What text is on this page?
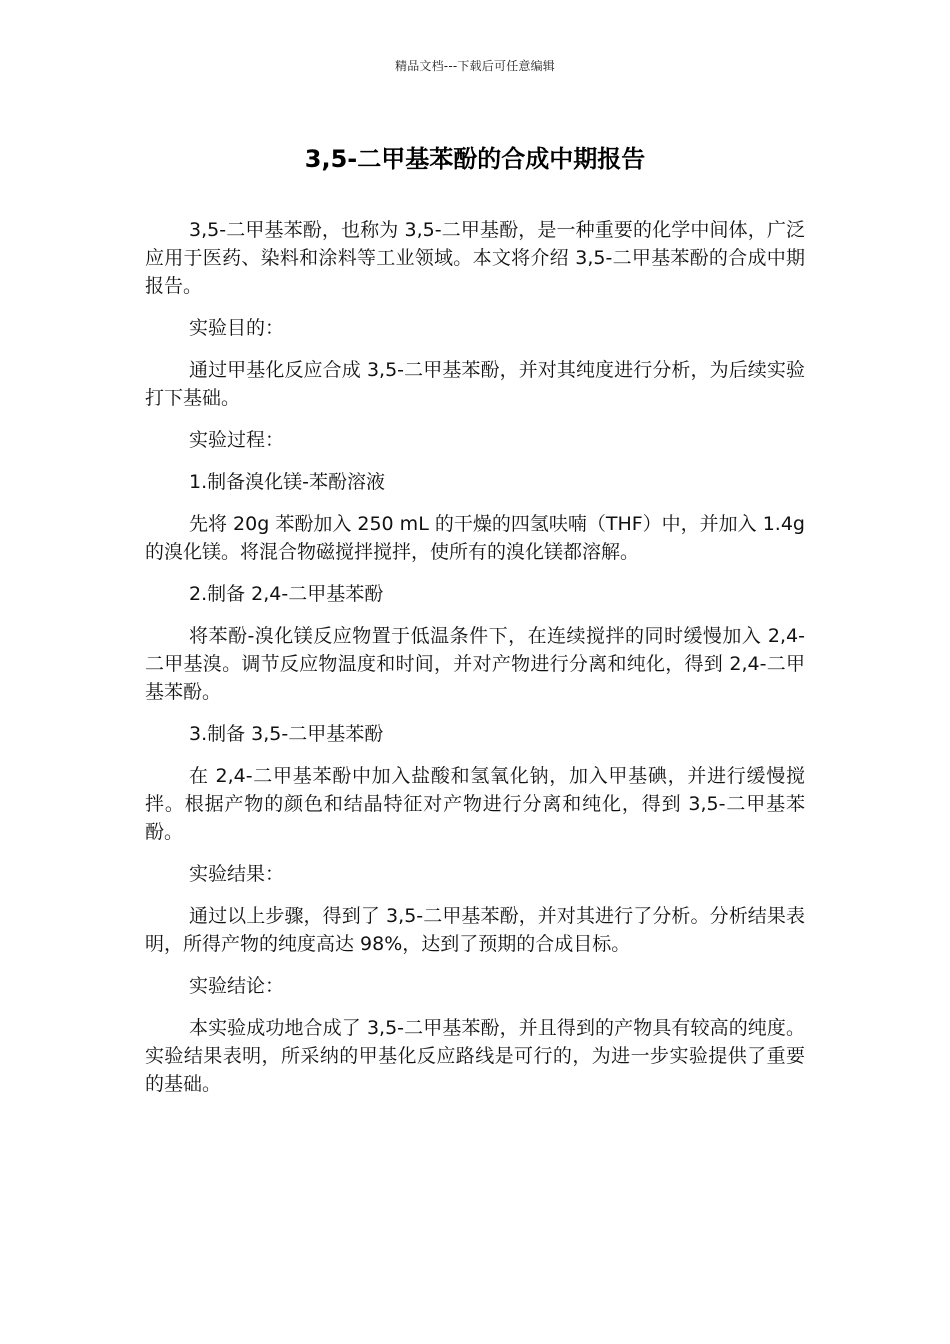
精品文档---下载后可任意编辑
3,5-二甲基苯酚的合成中期报告

3,5-二甲基苯酚，也称为 3,5-二甲基酚，是一种重要的化学中间体，广泛应用于医药、染料和涂料等工业领域。本文将介绍 3,5-二甲基苯酚的合成中期报告。

实验目的：

通过甲基化反应合成 3,5-二甲基苯酚，并对其纯度进行分析，为后续实验打下基础。

实验过程：

1.制备溴化镁-苯酚溶液

先将 20g 苯酚加入 250 mL 的干燥的四氢呋喃（THF）中，并加入 1.4g 的溴化镁。将混合物磁搅拌搅拌，使所有的溴化镁都溶解。

2.制备 2,4-二甲基苯酚

将苯酚-溴化镁反应物置于低温条件下，在连续搅拌的同时缓慢加入 2,4-二甲基溴。调节反应物温度和时间，并对产物进行分离和纯化，得到 2,4-二甲基苯酚。

3.制备 3,5-二甲基苯酚

在 2,4-二甲基苯酚中加入盐酸和氢氧化钠，加入甲基碘，并进行缓慢搅拌。根据产物的颜色和结晶特征对产物进行分离和纯化，得到 3,5-二甲基苯酚。

实验结果：

通过以上步骤，得到了 3,5-二甲基苯酚，并对其进行了分析。分析结果表明，所得产物的纯度高达 98%，达到了预期的合成目标。

实验结论：

本实验成功地合成了 3,5-二甲基苯酚，并且得到的产物具有较高的纯度。实验结果表明，所采纳的甲基化反应路线是可行的，为进一步实验提供了重要的基础。
